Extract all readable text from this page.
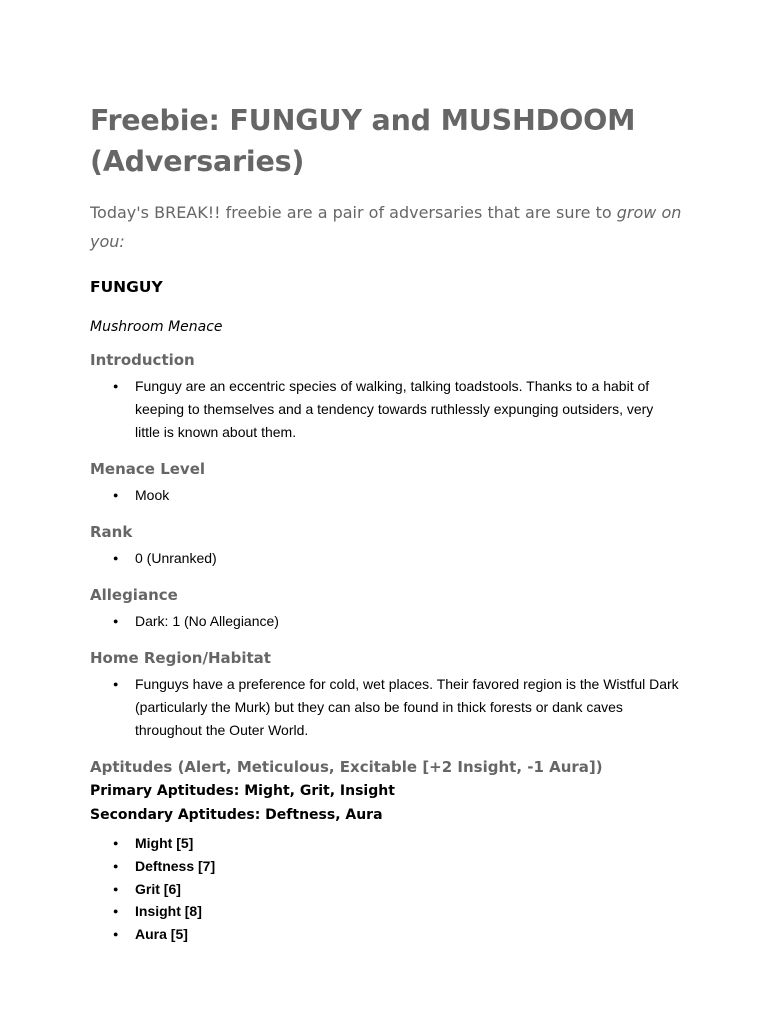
Freebie: FUNGUY and MUSHDOOM (Adversaries)

Today's BREAK!! freebie are a pair of adversaries that are sure to grow on you:

FUNGUY

Mushroom Menace

Introduction
● Funguy are an eccentric species of walking, talking toadstools. Thanks to a habit of keeping to themselves and a tendency towards ruthlessly expunging outsiders, very little is known about them.
Menace Level
● Mook
Rank
● 0 (Unranked)
Allegiance
● Dark: 1 (No Allegiance)
Home Region/Habitat
● Funguys have a preference for cold, wet places. Their favored region is the Wistful Dark (particularly the Murk) but they can also be found in thick forests or dank caves throughout the Outer World.
Aptitudes (Alert, Meticulous, Excitable [+2 Insight, -1 Aura])

Primary Aptitudes: Might, Grit, Insight

Secondary Aptitudes: Deftness, Aura

● Might [5]
● Deftness [7]
● Grit [6]
● Insight [8]
● Aura [5]
